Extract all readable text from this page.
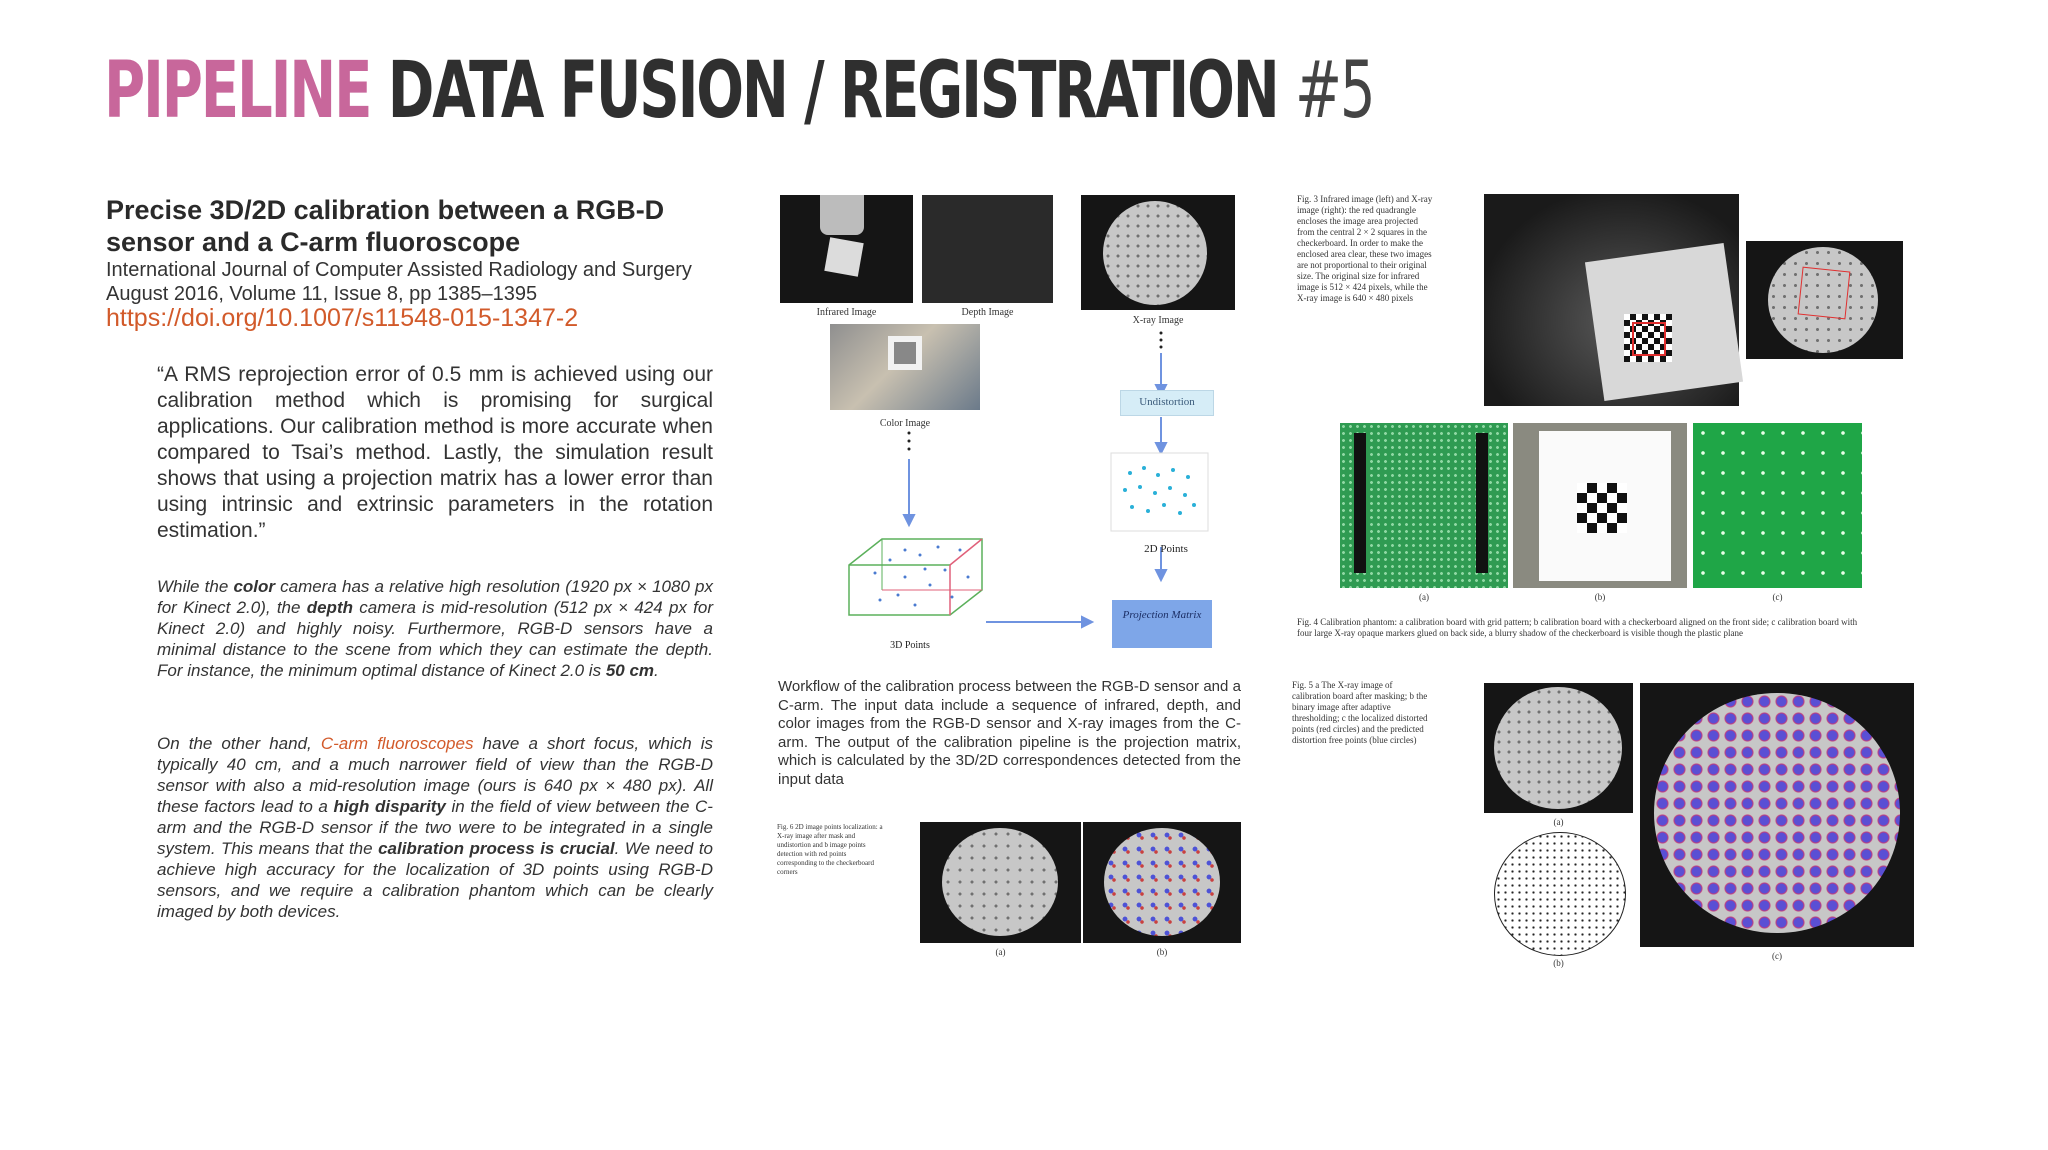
PIPELINE DATA FUSION / REGISTRATION #5
Precise 3D/2D calibration between a RGB-D sensor and a C-arm fluoroscope
International Journal of Computer Assisted Radiology and Surgery
August 2016, Volume 11, Issue 8, pp 1385–1395
https://doi.org/10.1007/s11548-015-1347-2
“A RMS reprojection error of 0.5 mm is achieved using our calibration method which is promising for surgical applications. Our calibration method is more accurate when compared to Tsai’s method. Lastly, the simulation result shows that using a projection matrix has a lower error than using intrinsic and extrinsic parameters in the rotation estimation.”
While the color camera has a relative high resolution (1920 px × 1080 px for Kinect 2.0), the depth camera is mid-resolution (512 px × 424 px for Kinect 2.0) and highly noisy. Furthermore, RGB-D sensors have a minimal distance to the scene from which they can estimate the depth. For instance, the minimum optimal distance of Kinect 2.0 is 50 cm.
On the other hand, C-arm fluoroscopes have a short focus, which is typically 40 cm, and a much narrower field of view than the RGB-D sensor with also a mid-resolution image (ours is 640 px × 480 px). All these factors lead to a high disparity in the field of view between the C-arm and the RGB-D sensor if the two were to be integrated in a single system. This means that the calibration process is crucial. We need to achieve high accuracy for the localization of 3D points using RGB-D sensors, and we require a calibration phantom which can be clearly imaged by both devices.
Infrared Image	Depth Image
X-ray Image
Color Image
Undistortion
2D Points
3D Points
Projection Matrix
Workflow of the calibration process between the RGB-D sensor and a C-arm. The input data include a sequence of infrared, depth, and color images from the RGB-D sensor and X-ray images from the C-arm. The output of the calibration pipeline is the projection matrix, which is calculated by the 3D/2D correspondences detected from the input data
Fig. 6 2D image points localization: a X-ray image after mask and undistortion and b image points detection with red points corresponding to the checkerboard corners
(a)	(b)
Fig. 3 Infrared image (left) and X-ray image (right): the red quadrangle encloses the image area projected from the central 2 × 2 squares in the checkerboard. In order to make the enclosed area clear, these two images are not proportional to their original size. The original size for infrared image is 512 × 424 pixels, while the X-ray image is 640 × 480 pixels
(a)	(b)	(c)
Fig. 4 Calibration phantom: a calibration board with grid pattern; b calibration board with a checkerboard aligned on the front side; c calibration board with four large X-ray opaque markers glued on back side, a blurry shadow of the checkerboard is visible though the plastic plane
Fig. 5 a The X-ray image of calibration board after masking; b the binary image after adaptive thresholding; c the localized distorted points (red circles) and the predicted distortion free points (blue circles)
(a)
(b)
(c)
